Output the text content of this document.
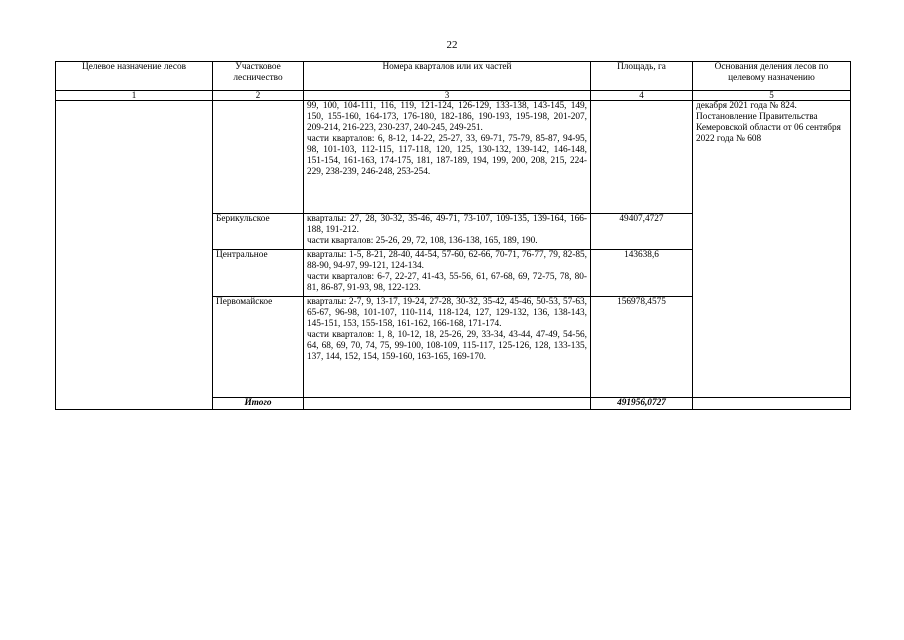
22
Целевое назначение лесов	Участковое лесничество	Номера кварталов или их частей	Площадь, га	Основания деления лесов по целевому назначению
1	2	3	4	5

		99, 100, 104-111, 116, 119, 121-124, 126-129, 133-138, 143-145, 149, 150, 155-160, 164-173, 176-180, 182-186, 190-193, 195-198, 201-207, 209-214, 216-223, 230-237, 240-245, 249-251.
части кварталов: 6, 8-12, 14-22, 25-27, 33, 69-71, 75-79, 85-87, 94-95, 98, 101-103, 112-115, 117-118, 120, 125, 130-132, 139-142, 146-148, 151-154, 161-163, 174-175, 181, 187-189, 194, 199, 200, 208, 215, 224-229, 238-239, 246-248, 253-254.		декабря 2021 года № 824. Постановление Правительства Кемеровской области от 06 сентября 2022 года № 608
	Берикульское	кварталы: 27, 28, 30-32, 35-46, 49-71, 73-107, 109-135, 139-164, 166-188, 191-212.
части кварталов: 25-26, 29, 72, 108, 136-138, 165, 189, 190.	49407,4727	
	Центральное	кварталы: 1-5, 8-21, 28-40, 44-54, 57-60, 62-66, 70-71, 76-77, 79, 82-85, 88-90, 94-97, 99-121, 124-134.
части кварталов: 6-7, 22-27, 41-43, 55-56, 61, 67-68, 69, 72-75, 78, 80- 81, 86-87, 91-93, 98, 122-123.	143638,6	
	Первомайское	кварталы: 2-7, 9, 13-17, 19-24, 27-28, 30-32, 35-42, 45-46, 50-53, 57-63, 65-67, 96-98, 101-107, 110-114, 118-124, 127, 129-132, 136, 138-143, 145-151, 153, 155-158, 161-162, 166-168, 171-174.
части кварталов: 1, 8, 10-12, 18, 25-26, 29, 33-34, 43-44, 47-49, 54-56, 64, 68, 69, 70, 74, 75, 99-100, 108-109, 115-117, 125-126, 128, 133-135, 137, 144, 152, 154, 159-160, 163-165, 169-170.	156978,4575	
	Итого		491956,0727	
